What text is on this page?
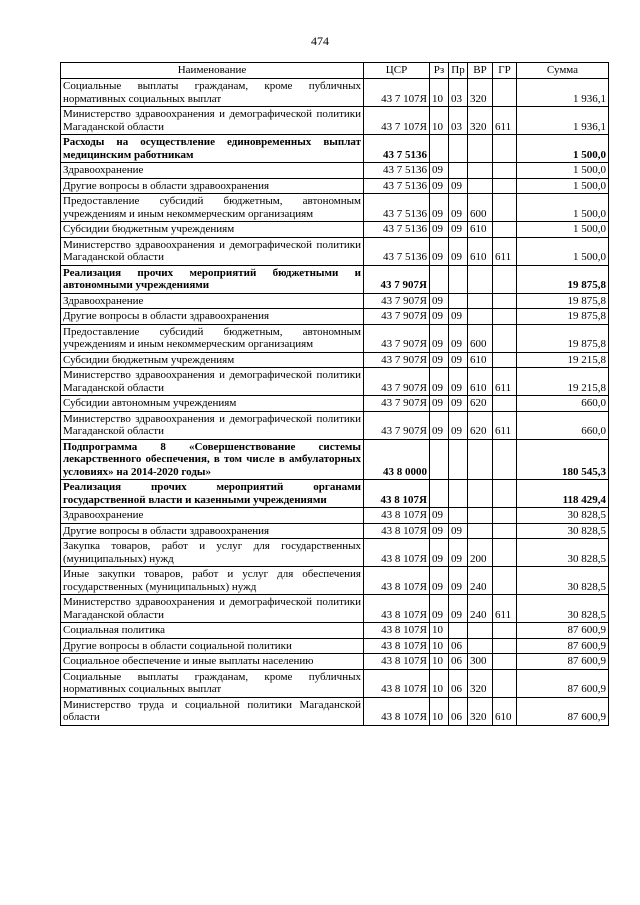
474
Наименование	ЦСР	Рз	Пр	ВР	ГР	Сумма
Социальные выплаты гражданам, кроме публичных нормативных социальных выплат	43 7 107Я	10	03	320		1 936,1
Министерство здравоохранения и демографической политики Магаданской области	43 7 107Я	10	03	320	611	1 936,1
Расходы на осуществление единовременных выплат медицинским работникам	43 7 5136					1 500,0
Здравоохранение	43 7 5136	09				1 500,0
Другие вопросы в области здравоохранения	43 7 5136	09	09			1 500,0
Предоставление субсидий бюджетным, автономным учреждениям и иным некоммерческим организациям	43 7 5136	09	09	600		1 500,0
Субсидии бюджетным учреждениям	43 7 5136	09	09	610		1 500,0
Министерство здравоохранения и демографической политики Магаданской области	43 7 5136	09	09	610	611	1 500,0
Реализация прочих мероприятий бюджетными и автономными учреждениями	43 7 907Я					19 875,8
Здравоохранение	43 7 907Я	09				19 875,8
Другие вопросы в области здравоохранения	43 7 907Я	09	09			19 875,8
Предоставление субсидий бюджетным, автономным учреждениям и иным некоммерческим организациям	43 7 907Я	09	09	600		19 875,8
Субсидии бюджетным учреждениям	43 7 907Я	09	09	610		19 215,8
Министерство здравоохранения и демографической политики Магаданской области	43 7 907Я	09	09	610	611	19 215,8
Субсидии автономным учреждениям	43 7 907Я	09	09	620		660,0
Министерство здравоохранения и демографической политики Магаданской области	43 7 907Я	09	09	620	611	660,0
Подпрограмма 8 «Совершенствование системы лекарственного обеспечения, в том числе в амбулаторных условиях» на 2014-2020 годы»	43 8 0000					180 545,3
Реализация прочих мероприятий органами государственной власти и казенными учреждениями	43 8 107Я					118 429,4
Здравоохранение	43 8 107Я	09				30 828,5
Другие вопросы в области здравоохранения	43 8 107Я	09	09			30 828,5
Закупка товаров, работ и услуг для государственных (муниципальных) нужд	43 8 107Я	09	09	200		30 828,5
Иные закупки товаров, работ и услуг для обеспечения государственных (муниципальных) нужд	43 8 107Я	09	09	240		30 828,5
Министерство здравоохранения и демографической политики Магаданской области	43 8 107Я	09	09	240	611	30 828,5
Социальная политика	43 8 107Я	10				87 600,9
Другие вопросы в области социальной политики	43 8 107Я	10	06			87 600,9
Социальное обеспечение и иные выплаты населению	43 8 107Я	10	06	300		87 600,9
Социальные выплаты гражданам, кроме публичных нормативных социальных выплат	43 8 107Я	10	06	320		87 600,9
Министерство труда и социальной политики Магаданской области	43 8 107Я	10	06	320	610	87 600,9
